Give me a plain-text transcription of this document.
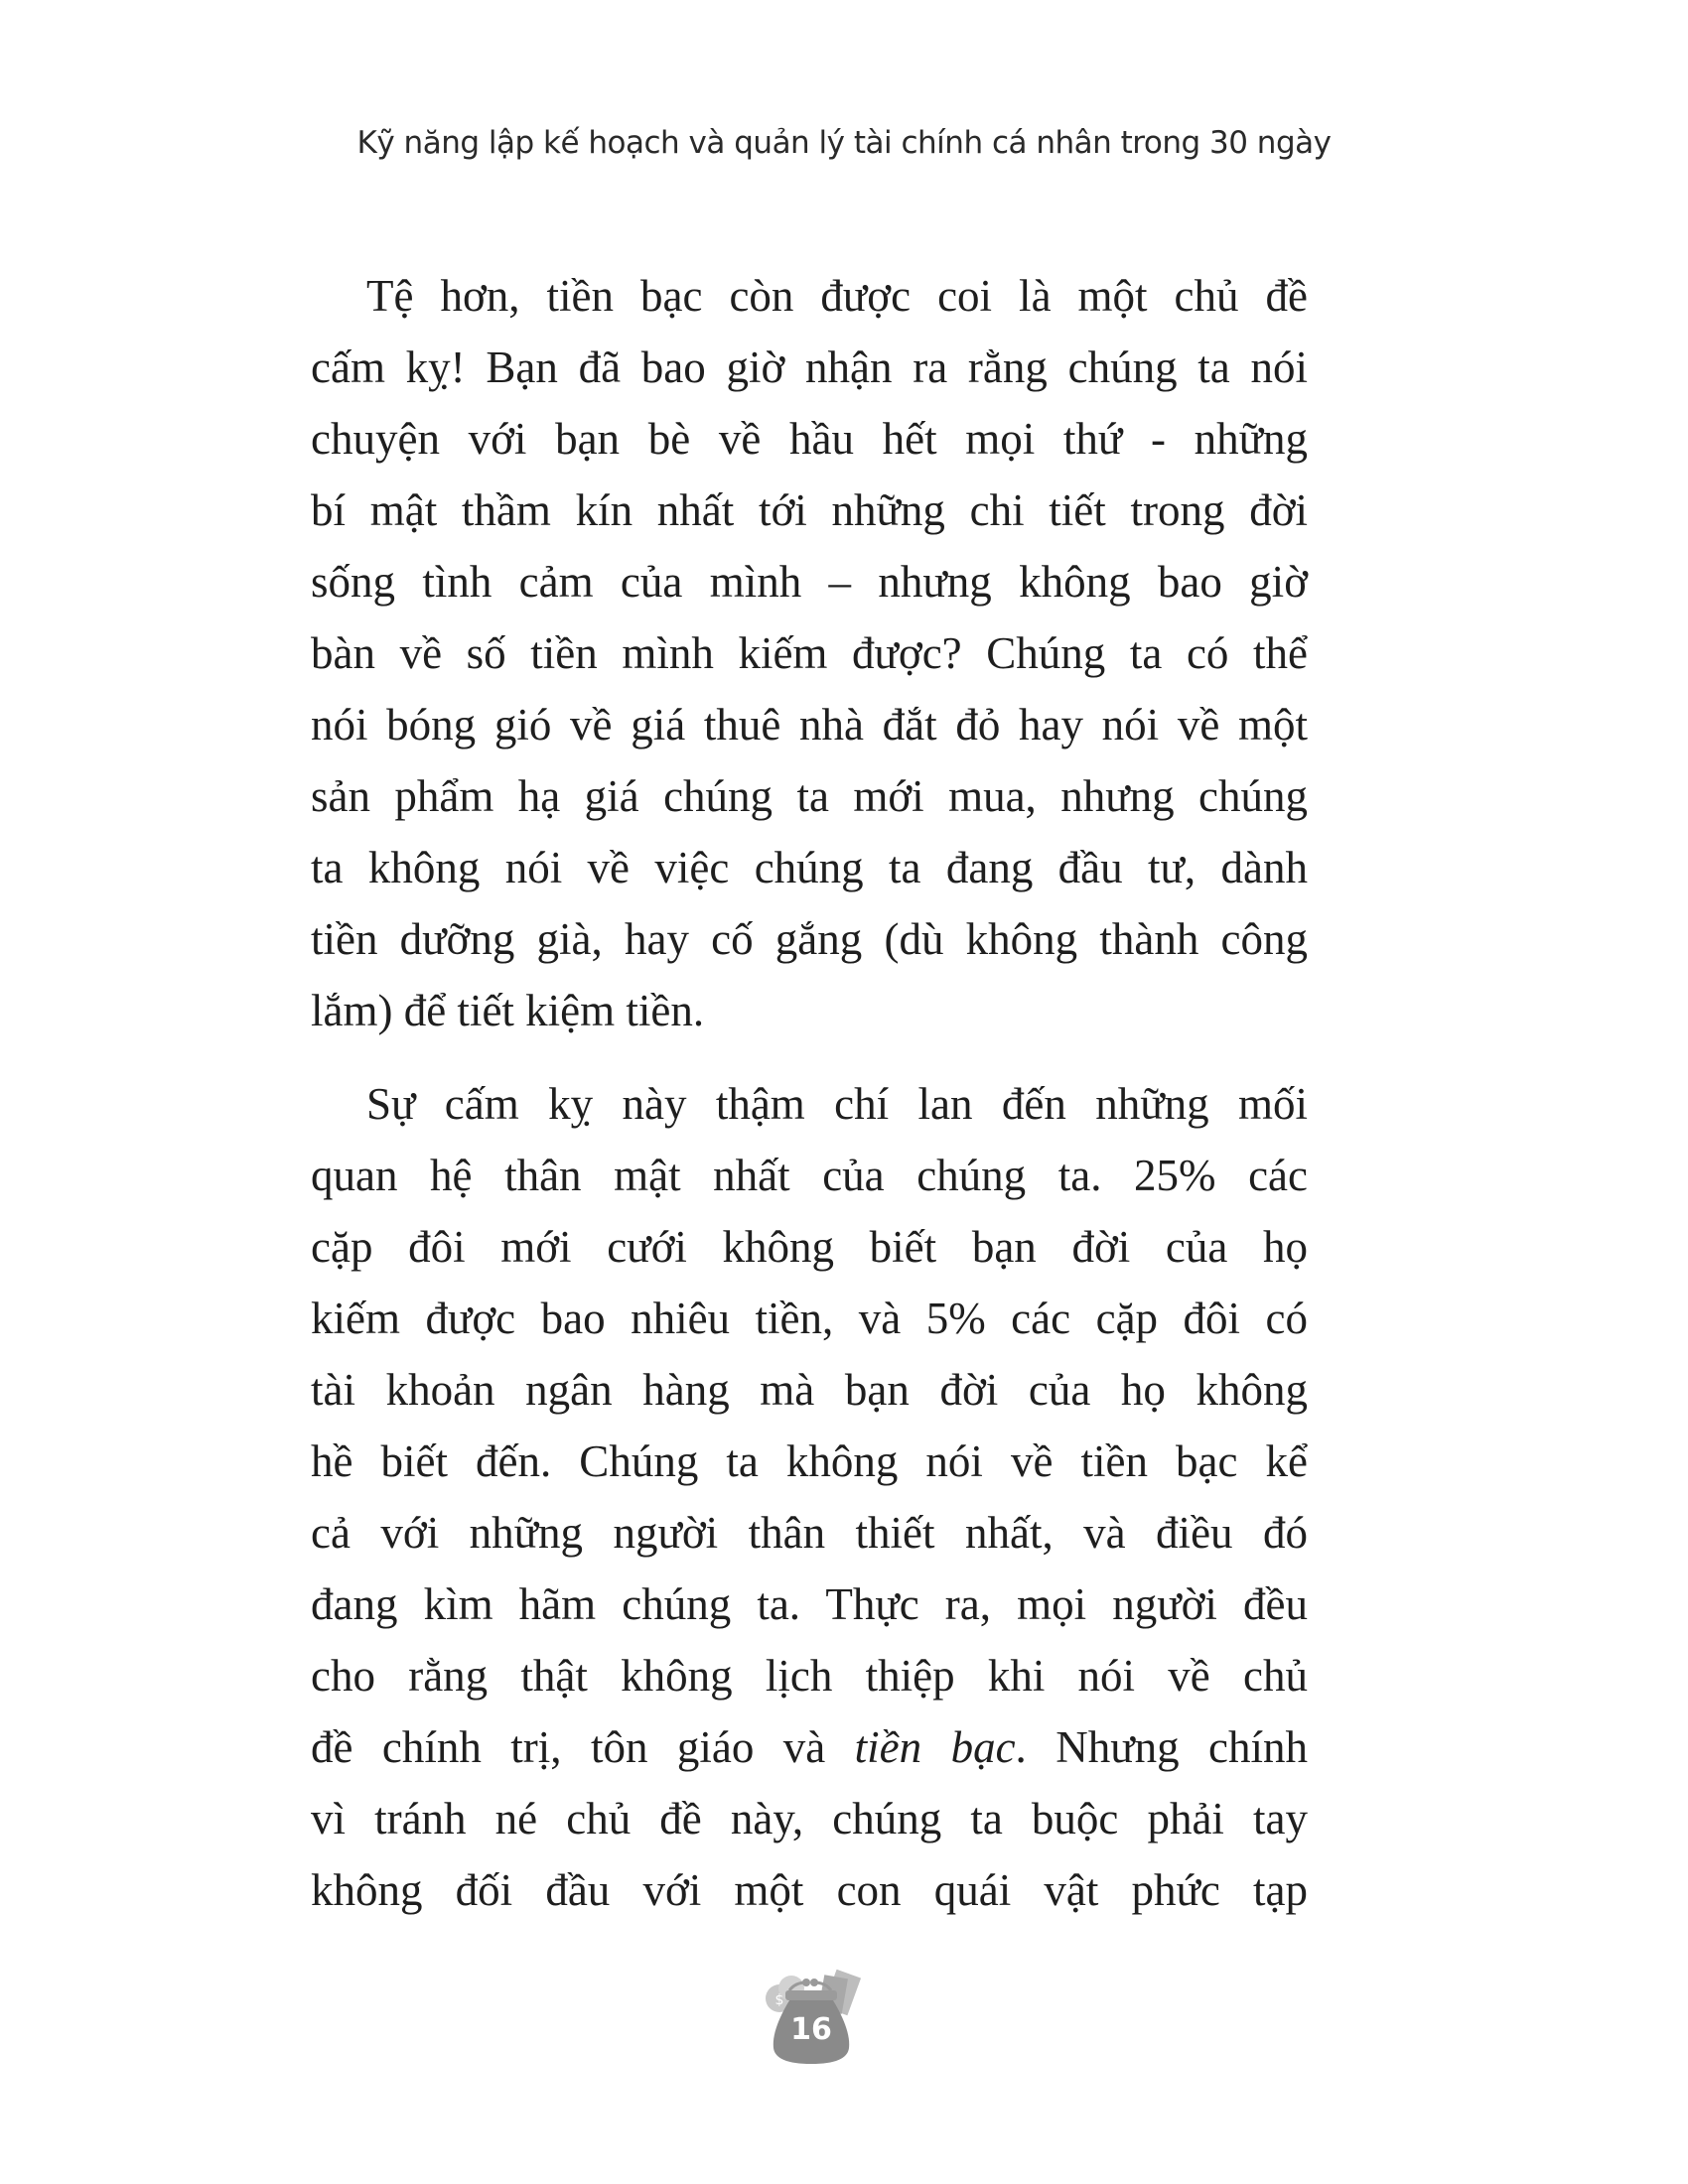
Kỹ năng lập kế hoạch và quản lý tài chính cá nhân trong 30 ngày
Tệ hơn, tiền bạc còn được coi là một chủ đề
cấm kỵ! Bạn đã bao giờ nhận ra rằng chúng ta nói
chuyện với bạn bè về hầu hết mọi thứ - những
bí mật thầm kín nhất tới những chi tiết trong đời
sống tình cảm của mình – nhưng không bao giờ
bàn về số tiền mình kiếm được? Chúng ta có thể
nói bóng gió về giá thuê nhà đắt đỏ hay nói về một
sản phẩm hạ giá chúng ta mới mua, nhưng chúng
ta không nói về việc chúng ta đang đầu tư, dành
tiền dưỡng già, hay cố gắng (dù không thành công
lắm) để tiết kiệm tiền.
Sự cấm kỵ này thậm chí lan đến những mối
quan hệ thân mật nhất của chúng ta. 25% các
cặp đôi mới cưới không biết bạn đời của họ
kiếm được bao nhiêu tiền, và 5% các cặp đôi có
tài khoản ngân hàng mà bạn đời của họ không
hề biết đến. Chúng ta không nói về tiền bạc kể
cả với những người thân thiết nhất, và điều đó
đang kìm hãm chúng ta. Thực ra, mọi người đều
cho rằng thật không lịch thiệp khi nói về chủ
đề chính trị, tôn giáo và tiền bạc. Nhưng chính
vì tránh né chủ đề này, chúng ta buộc phải tay
không đối đầu với một con quái vật phức tạp
$
16
